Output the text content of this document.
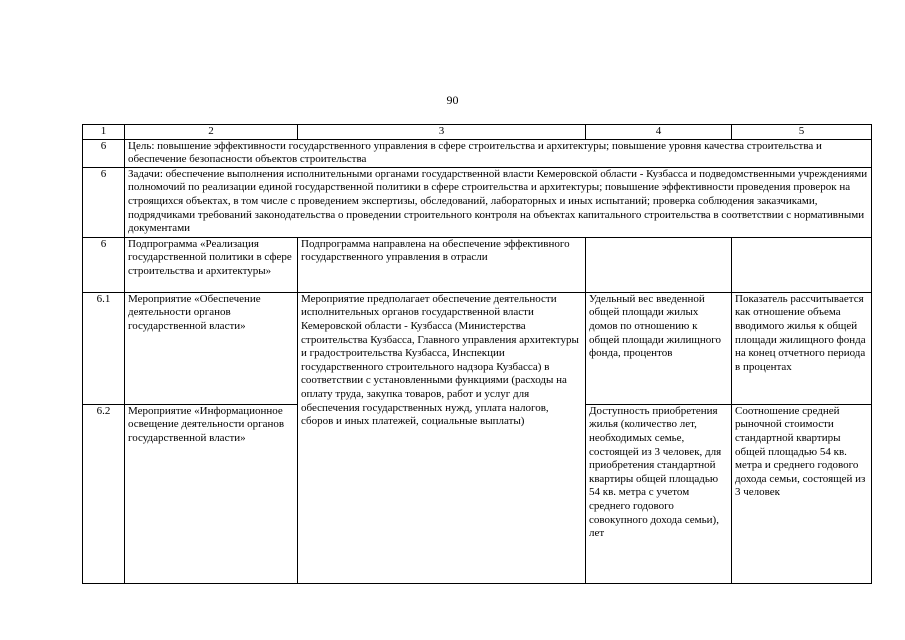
90
1	2	3	4	5
6	Цель: повышение эффективности государственного управления в сфере строительства и архитектуры; повышение уровня качества строительства и обеспечение безопасности объектов строительства			
6	Задачи: обеспечение выполнения исполнительными органами государственной власти Кемеровской области - Кузбасса и подведомственными учреждениями полномочий по реализации единой государственной политики в сфере строительства и архитектуры; повышение эффективности проведения проверок на строящихся объектах, в том числе с проведением экспертизы, обследований, лабораторных и иных испытаний; проверка соблюдения заказчиками, подрядчиками требований законодательства о проведении строительного контроля на объектах капитального строительства в соответствии с нормативными документами			
6	Подпрограмма «Реализация государственной политики в сфере строительства и архитектуры»	Подпрограмма направлена на обеспечение эффективного государственного управления в отрасли		
6.1	Мероприятие «Обеспечение деятельности органов государственной власти»	Мероприятие предполагает обеспечение деятельности исполнительных органов государственной власти Кемеровской области - Кузбасса (Министерства строительства Кузбасса, Главного управления архитектуры и градостроительства Кузбасса, Инспекции государственного строительного надзора Кузбасса) в соответствии с установленными функциями (расходы на оплату труда, закупка товаров, работ и услуг для обеспечения государственных нужд, уплата налогов, сборов и иных платежей, социальные выплаты)	Удельный вес введенной общей площади жилых домов по отношению к общей площади жилищного фонда, процентов	Показатель рассчитывается как отношение объема вводимого жилья к общей площади жилищного фонда на конец отчетного периода в процентах
6.2	Мероприятие «Информационное освещение деятельности органов государственной власти»		Доступность приобретения жилья (количество лет, необходимых семье, состоящей из 3 человек, для приобретения стандартной квартиры общей площадью 54 кв. метра с учетом среднего годового совокупного дохода семьи), лет	Соотношение средней рыночной стоимости стандартной квартиры общей площадью 54 кв. метра и среднего годового дохода семьи, состоящей из 3 человек
